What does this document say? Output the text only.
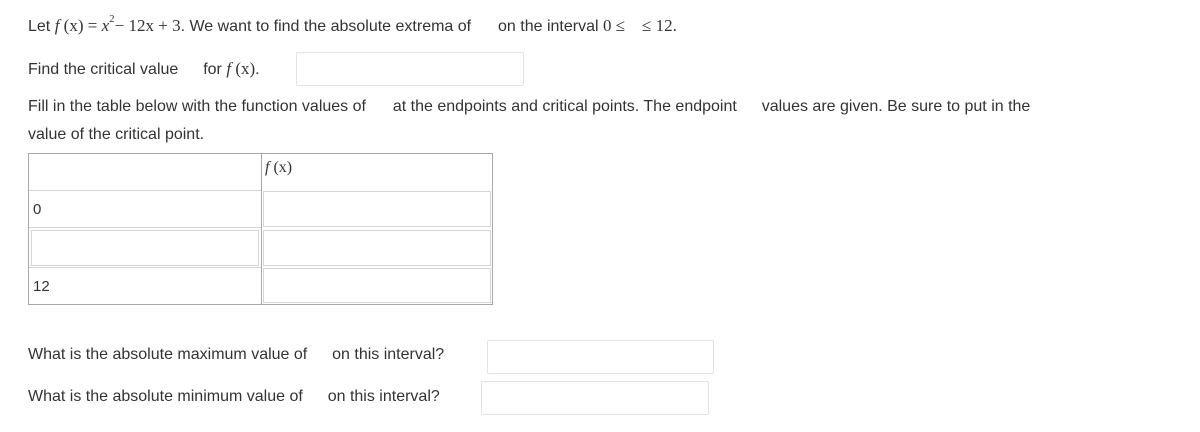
Let f $(x) = x^2- 12x + 3$. We want to find the absolute extrema of on the interval 0 ≤ ≤ 12.
Find the critical value for f (x).
Fill in the table below with the function values of at the endpoints and critical points. The endpoint values are given. Be sure to put in the
value of the critical point.
f (x)
0
12
What is the absolute maximum value of on this interval?
What is the absolute minimum value of on this interval?
